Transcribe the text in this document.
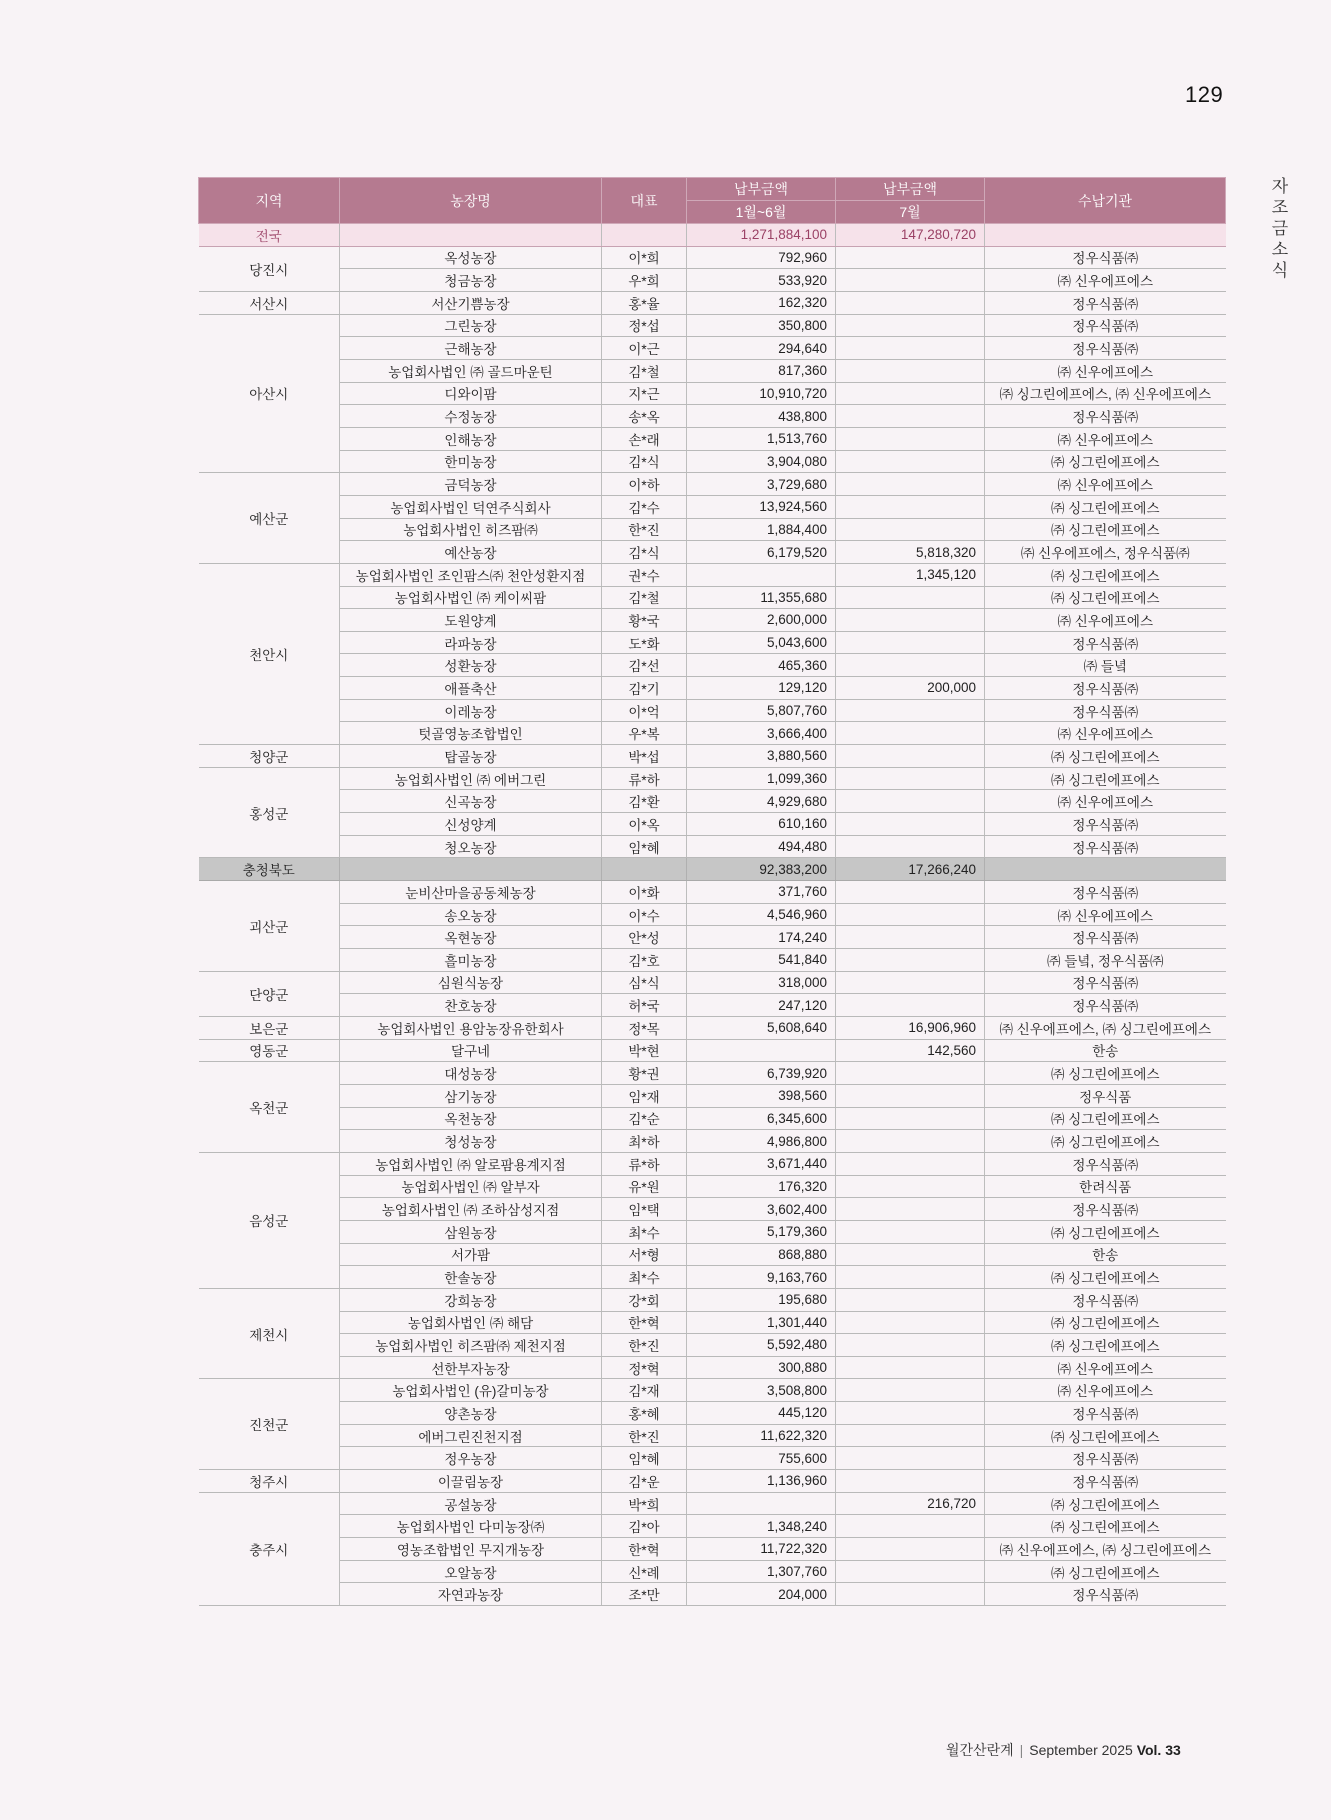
129
자
조
금
소
식
지역	농장명	대표	납부금액	납부금액	수납기관
			1월~6월	7월	
전국			1,271,884,100	147,280,720	
당진시	옥성농장	이*희	792,960		정우식품㈜
	청금농장	우*희	533,920		㈜ 신우에프에스
서산시	서산기쁨농장	홍*율	162,320		정우식품㈜
아산시	그린농장	정*섭	350,800		정우식품㈜
	근해농장	이*근	294,640		정우식품㈜
	농업회사법인 ㈜ 골드마운틴	김*철	817,360		㈜ 신우에프에스
	디와이팜	지*근	10,910,720		㈜ 싱그린에프에스, ㈜ 신우에프에스
	수정농장	송*옥	438,800		정우식품㈜
	인해농장	손*래	1,513,760		㈜ 신우에프에스
	한미농장	김*식	3,904,080		㈜ 싱그린에프에스
예산군	금덕농장	이*하	3,729,680		㈜ 신우에프에스
	농업회사법인 덕연주식회사	김*수	13,924,560		㈜ 싱그린에프에스
	농업회사법인 히즈팜㈜	한*진	1,884,400		㈜ 싱그린에프에스
	예산농장	김*식	6,179,520	5,818,320	㈜ 신우에프에스, 정우식품㈜
천안시	농업회사법인 조인팜스㈜ 천안성환지점	권*수		1,345,120	㈜ 싱그린에프에스
	농업회사법인 ㈜ 케이씨팜	김*철	11,355,680		㈜ 싱그린에프에스
	도원양계	황*국	2,600,000		㈜ 신우에프에스
	라파농장	도*화	5,043,600		정우식품㈜
	성환농장	김*선	465,360		㈜ 들녘
	애플축산	김*기	129,120	200,000	정우식품㈜
	이레농장	이*억	5,807,760		정우식품㈜
	텃골영농조합법인	우*복	3,666,400		㈜ 신우에프에스
청양군	탑골농장	박*섭	3,880,560		㈜ 싱그린에프에스
홍성군	농업회사법인 ㈜ 에버그린	류*하	1,099,360		㈜ 싱그린에프에스
	신곡농장	김*환	4,929,680		㈜ 신우에프에스
	신성양계	이*옥	610,160		정우식품㈜
	청오농장	임*혜	494,480		정우식품㈜
충청북도			92,383,200	17,266,240	
괴산군	눈비산마을공동체농장	이*화	371,760		정우식품㈜
	송오농장	이*수	4,546,960		㈜ 신우에프에스
	옥현농장	안*성	174,240		정우식품㈜
	흘미농장	김*호	541,840		㈜ 들녘, 정우식품㈜
단양군	심원식농장	심*식	318,000		정우식품㈜
	찬호농장	허*국	247,120		정우식품㈜
보은군	농업회사법인 용암농장유한회사	정*목	5,608,640	16,906,960	㈜ 신우에프에스, ㈜ 싱그린에프에스
영동군	달구네	박*현		142,560	한송
옥천군	대성농장	황*권	6,739,920		㈜ 싱그린에프에스
	삼기농장	임*재	398,560		정우식품
	옥천농장	김*순	6,345,600		㈜ 싱그린에프에스
	청성농장	최*하	4,986,800		㈜ 싱그린에프에스
음성군	농업회사법인 ㈜ 알로팜용계지점	류*하	3,671,440		정우식품㈜
	농업회사법인 ㈜ 알부자	유*원	176,320		한려식품
	농업회사법인 ㈜ 조하삼성지점	임*택	3,602,400		정우식품㈜
	삼원농장	최*수	5,179,360		㈜ 싱그린에프에스
	서가팜	서*형	868,880		한송
	한솔농장	최*수	9,163,760		㈜ 싱그린에프에스
제천시	강희농장	강*회	195,680		정우식품㈜
	농업회사법인 ㈜ 해담	한*혁	1,301,440		㈜ 싱그린에프에스
	농업회사법인 히즈팜㈜ 제천지점	한*진	5,592,480		㈜ 싱그린에프에스
	선한부자농장	정*혁	300,880		㈜ 신우에프에스
진천군	농업회사법인 (유)갈미농장	김*재	3,508,800		㈜ 신우에프에스
	양촌농장	홍*혜	445,120		정우식품㈜
	에버그린진천지점	한*진	11,622,320		㈜ 싱그린에프에스
	정우농장	임*혜	755,600		정우식품㈜
청주시	이끌림농장	김*운	1,136,960		정우식품㈜
충주시	공설농장	박*희		216,720	㈜ 싱그린에프에스
	농업회사법인 다미농장㈜	김*아	1,348,240		㈜ 싱그린에프에스
	영농조합법인 무지개농장	한*혁	11,722,320		㈜ 신우에프에스, ㈜ 싱그린에프에스
	오알농장	신*례	1,307,760		㈜ 싱그린에프에스
	자연과농장	조*만	204,000		정우식품㈜
월간산란계 | September 2025 Vol. 33
